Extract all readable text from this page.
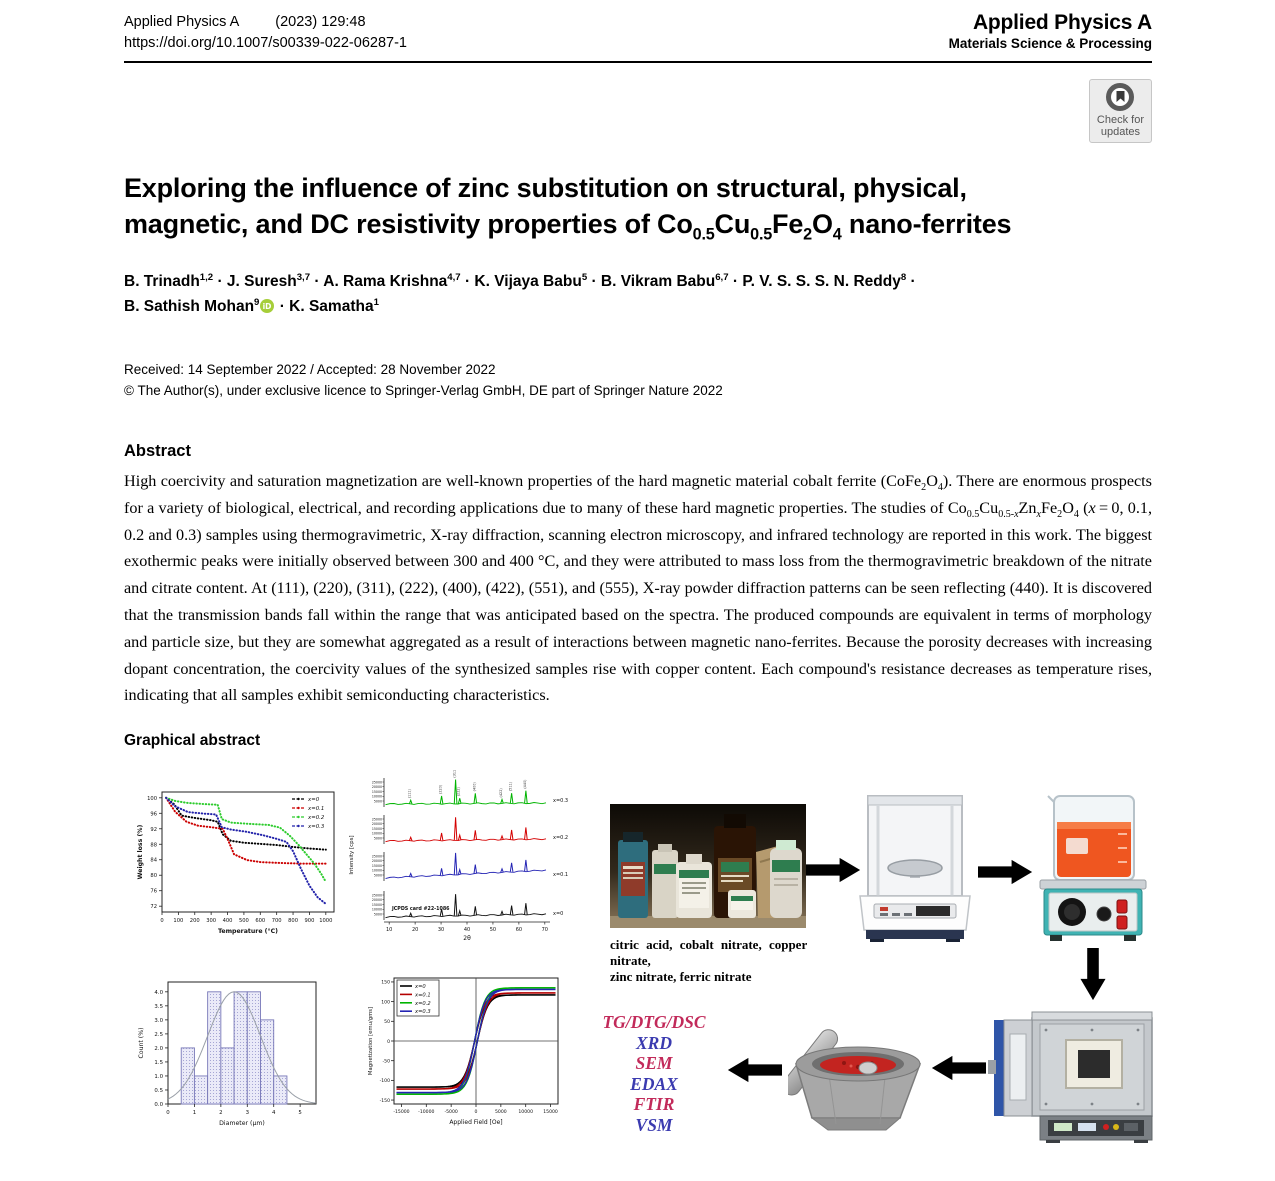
Applied Physics A (2023) 129:48
https://doi.org/10.1007/s00339-022-06287-1
Applied Physics A
Materials Science & Processing
Check for
updates
Exploring the influence of zinc substitution on structural, physical,
magnetic, and DC resistivity properties of $Co_{0.5}Cu_{0.5}Fe_2O_4$ nano-ferrites
B. Trinadh$^{1,2}$ · J. Suresh$^{3,7}$ · A. Rama Krishna$^{4,7}$ · K. Vijaya Babu$^5$ · B. Vikram Babu$^{6,7}$ · P. V. S. S. S. N. Reddy$^8$ ·
B. Sathish Mohan$^9$ iD · K. Samatha$^1$
Received: 14 September 2022 / Accepted: 28 November 2022
© The Author(s), under exclusive licence to Springer-Verlag GmbH, DE part of Springer Nature 2022
Abstract
High coercivity and saturation magnetization are well-known properties of the hard magnetic material cobalt ferrite $(CoFe_2O_4)$. There are enormous prospects for a variety of biological, electrical, and recording applications due to many of these hard magnetic properties. The studies of $Co_{0.5}Cu_{0.5-x}Zn_xFe_2O_4$ (x = 0, 0.1, 0.2 and 0.3) samples using thermogravimetric, X-ray diffraction, scanning electron microscopy, and infrared technology are reported in this work. The biggest exothermic peaks were initially observed between 300 and 400 °C, and they were attributed to mass loss from the thermogravimetric breakdown of the nitrate and citrate content. At (111), (220), (311), (222), (400), (422), (551), and (555), X-ray powder diffraction patterns can be seen reflecting (440). It is discovered that the transmission bands fall within the range that was anticipated based on the spectra. The produced compounds are equivalent in terms of morphology and particle size, but they are somewhat aggregated as a result of interactions between magnetic nano-ferrites. Because the porosity decreases with increasing dopant concentration, the coercivity values of the synthesized samples rise with copper content. Each compound's resistance decreases as temperature rises, indicating that all samples exhibit semiconducting characteristics.
Graphical abstract
0 100 200 300 400 500 600 700 800 900 1000
72
76
80
84
88
92
96
100
Temperature (°C)
Weight loss (%)
x=0
x=0.1
x=0.2
x=0.3
25000
20000
15000
10000
5000
(111)	(220)
(311)
(222)
(400)
(422)
(511)	(440)
x=0.3
25000
20000
15000
10000
5000	x=0.2
25000
20000
15000
10000
5000	x=0.1
25000
20000
15000
10000
5000	x=0
JCPDS card #22-1086
10	20	30	40	50	60	70
2θ
Intensity [cps]
citric acid, cobalt nitrate, copper nitrate,
zinc nitrate, ferric nitrate
0	1	2	3	4	5
0.0
0.5
1.0
1.5
2.0
2.5
3.0
3.5
4.0
Diameter (μm)
Count (%)
-15000 -10000 -5000	0	5000	10000 15000
-150
-100
-50
0
50
100
150
x=0
x=0.1
x=0.2
x=0.3
Applied Field [Oe]
Magnetization [emu/gms]	TG/DTG/DSC
XRD
SEM
EDAX
FTIR
VSM
